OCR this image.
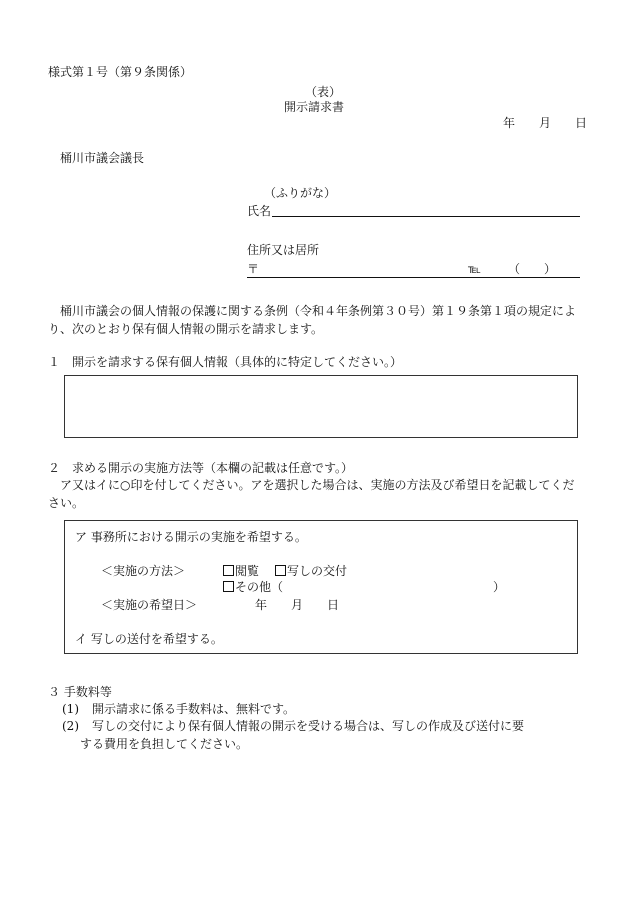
様式第１号（第９条関係）
（表）
開示請求書
年　　月　　日
桶川市議会議長
（ふりがな）
氏名
住所又は居所
〒	℡ （　　）
桶川市議会の個人情報の保護に関する条例（令和４年条例第３０号）第１９条第１項の規定により、次のとおり保有個人情報の開示を請求します。
１　開示を請求する保有個人情報（具体的に特定してください。）
２　求める開示の実施方法等（本欄の記載は任意です。）
ア又はイに○印を付してください。アを選択した場合は、実施の方法及び希望日を記載してください。
ア 事務所における開示の実施を希望する。
＜実施の方法＞	閲覧	写しの交付
その他（	）
＜実施の希望日＞	年　　月　　日
イ 写しの送付を希望する。
３ 手数料等
(1) 開示請求に係る手数料は、無料です。
(2) 写しの交付により保有個人情報の開示を受ける場合は、写しの作成及び送付に要
する費用を負担してください。
